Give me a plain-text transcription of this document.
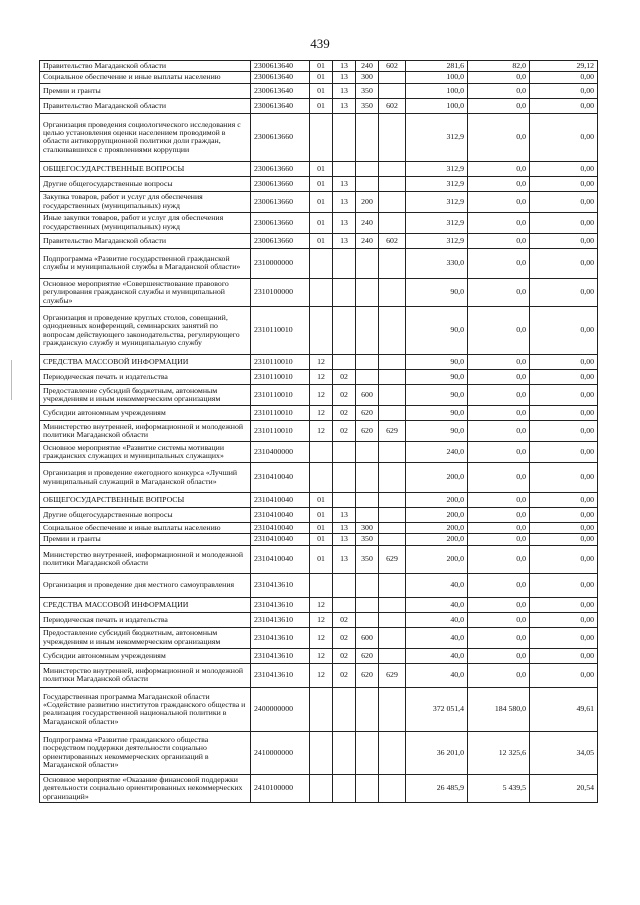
439
Правительство Магаданской области	2300613640	01	13	240	602	281,6	82,0	29,12
Социальное обеспечение и иные выплаты населению	2300613640	01	13	300		100,0	0,0	0,00
Премии и гранты	2300613640	01	13	350		100,0	0,0	0,00
Правительство Магаданской области	2300613640	01	13	350	602	100,0	0,0	0,00
Организация проведения социологического исследования с целью установления оценки населением проводимой в области антикоррупционной политики доли граждан, сталкивавшихся с проявлениями коррупции	2300613660					312,9	0,0	0,00
ОБЩЕГОСУДАРСТВЕННЫЕ ВОПРОСЫ	2300613660	01				312,9	0,0	0,00
Другие общегосударственные вопросы	2300613660	01	13			312,9	0,0	0,00
Закупка товаров, работ и услуг для обеспечения государственных (муниципальных) нужд	2300613660	01	13	200		312,9	0,0	0,00
Иные закупки товаров, работ и услуг для обеспечения государственных (муниципальных) нужд	2300613660	01	13	240		312,9	0,0	0,00
Правительство Магаданской области	2300613660	01	13	240	602	312,9	0,0	0,00
Подпрограмма «Развитие государственной гражданской службы и муниципальной службы в Магаданской области»	2310000000					330,0	0,0	0,00
Основное мероприятие «Совершенствование правового регулирования гражданской службы и муниципальной службы»	2310100000					90,0	0,0	0,00
Организация и проведение круглых столов, совещаний, однодневных конференций, семинарских занятий по вопросам действующего законодательства, регулирующего гражданскую службу и муниципальную службу	2310110010					90,0	0,0	0,00
СРЕДСТВА МАССОВОЙ ИНФОРМАЦИИ	2310110010	12				90,0	0,0	0,00
Периодическая печать и издательства	2310110010	12	02			90,0	0,0	0,00
Предоставление субсидий бюджетным, автономным учреждениям и иным некоммерческим организациям	2310110010	12	02	600		90,0	0,0	0,00
Субсидии автономным учреждениям	2310110010	12	02	620		90,0	0,0	0,00
Министерство внутренней, информационной и молодежной политики Магаданской области	2310110010	12	02	620	629	90,0	0,0	0,00
Основное мероприятие «Развитие системы мотивации гражданских служащих и муниципальных служащих»	2310400000					240,0	0,0	0,00
Организация и проведение ежегодного конкурса «Лучший муниципальный служащий в Магаданской области»	2310410040					200,0	0,0	0,00
ОБЩЕГОСУДАРСТВЕННЫЕ ВОПРОСЫ	2310410040	01				200,0	0,0	0,00
Другие общегосударственные вопросы	2310410040	01	13			200,0	0,0	0,00
Социальное обеспечение и иные выплаты населению	2310410040	01	13	300		200,0	0,0	0,00
Премии и гранты	2310410040	01	13	350		200,0	0,0	0,00
Министерство внутренней, информационной и молодежной политики Магаданской области	2310410040	01	13	350	629	200,0	0,0	0,00
Организация и проведение дня местного самоуправления	2310413610					40,0	0,0	0,00
СРЕДСТВА МАССОВОЙ ИНФОРМАЦИИ	2310413610	12				40,0	0,0	0,00
Периодическая печать и издательства	2310413610	12	02			40,0	0,0	0,00
Предоставление субсидий бюджетным, автономным учреждениям и иным некоммерческим организациям	2310413610	12	02	600		40,0	0,0	0,00
Субсидии автономным учреждениям	2310413610	12	02	620		40,0	0,0	0,00
Министерство внутренней, информационной и молодежной политики Магаданской области	2310413610	12	02	620	629	40,0	0,0	0,00
Государственная программа Магаданской области «Содействие развитию институтов гражданского общества и реализация государственной национальной политики в Магаданской области»	2400000000					372 051,4	184 580,0	49,61
Подпрограмма «Развитие гражданского общества посредством поддержки деятельности социально ориентированных некоммерческих организаций в Магаданской области»	2410000000					36 201,0	12 325,6	34,05
Основное мероприятие «Оказание финансовой поддержки деятельности социально ориентированных некоммерческих организаций»	2410100000					26 485,9	5 439,5	20,54
